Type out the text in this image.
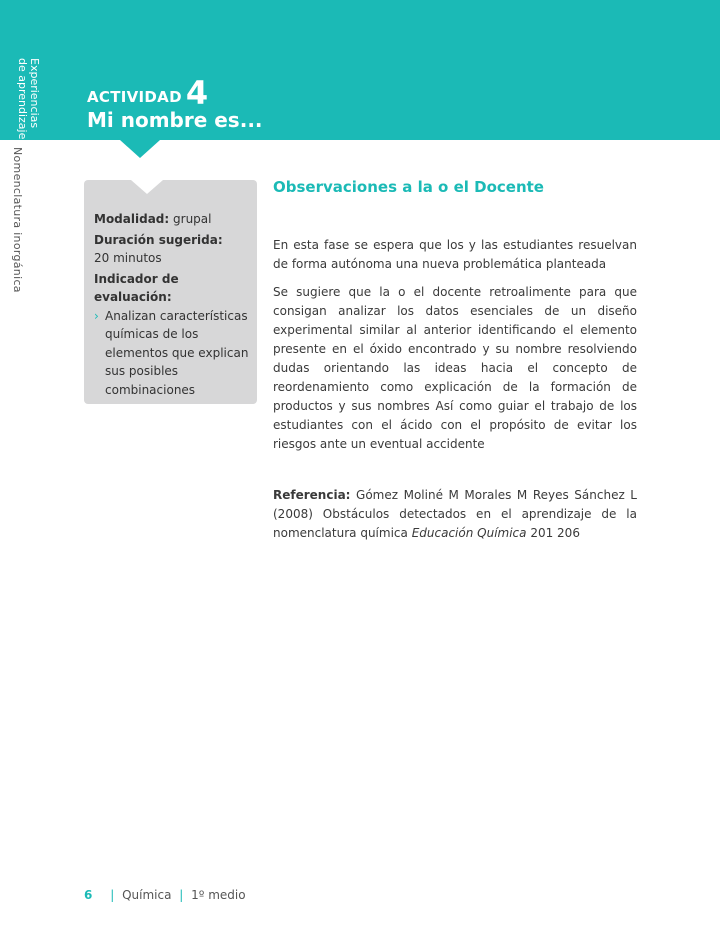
Experiencias
de aprendizaje
Nomenclatura inorgánica
ACTIVIDAD 4
Mi nombre es...

Modalidad: grupal

Duración sugerida:

20 minutos

Indicador de evaluación:

› Analizan características químicas de los elementos que explican sus posibles combinaciones
Observaciones a la o el Docente

En esta fase se espera que los y las estudiantes resuelvan de forma autónoma una nueva problemática planteada

Se sugiere que la o el docente retroalimente para que consigan analizar los datos esenciales de un diseño experimental similar al anterior identificando el elemento presente en el óxido encontrado y su nombre resolviendo dudas orientando las ideas hacia el concepto de reordenamiento como explicación de la formación de productos y sus nombres Así como guiar el trabajo de los estudiantes con el ácido con el propósito de evitar los riesgos ante un eventual accidente

Referencia: Gómez Moliné M Morales M Reyes Sánchez L (2008) Obstáculos detectados en el aprendizaje de la nomenclatura química Educación Química 201 206
6 | Química | 1º medio
